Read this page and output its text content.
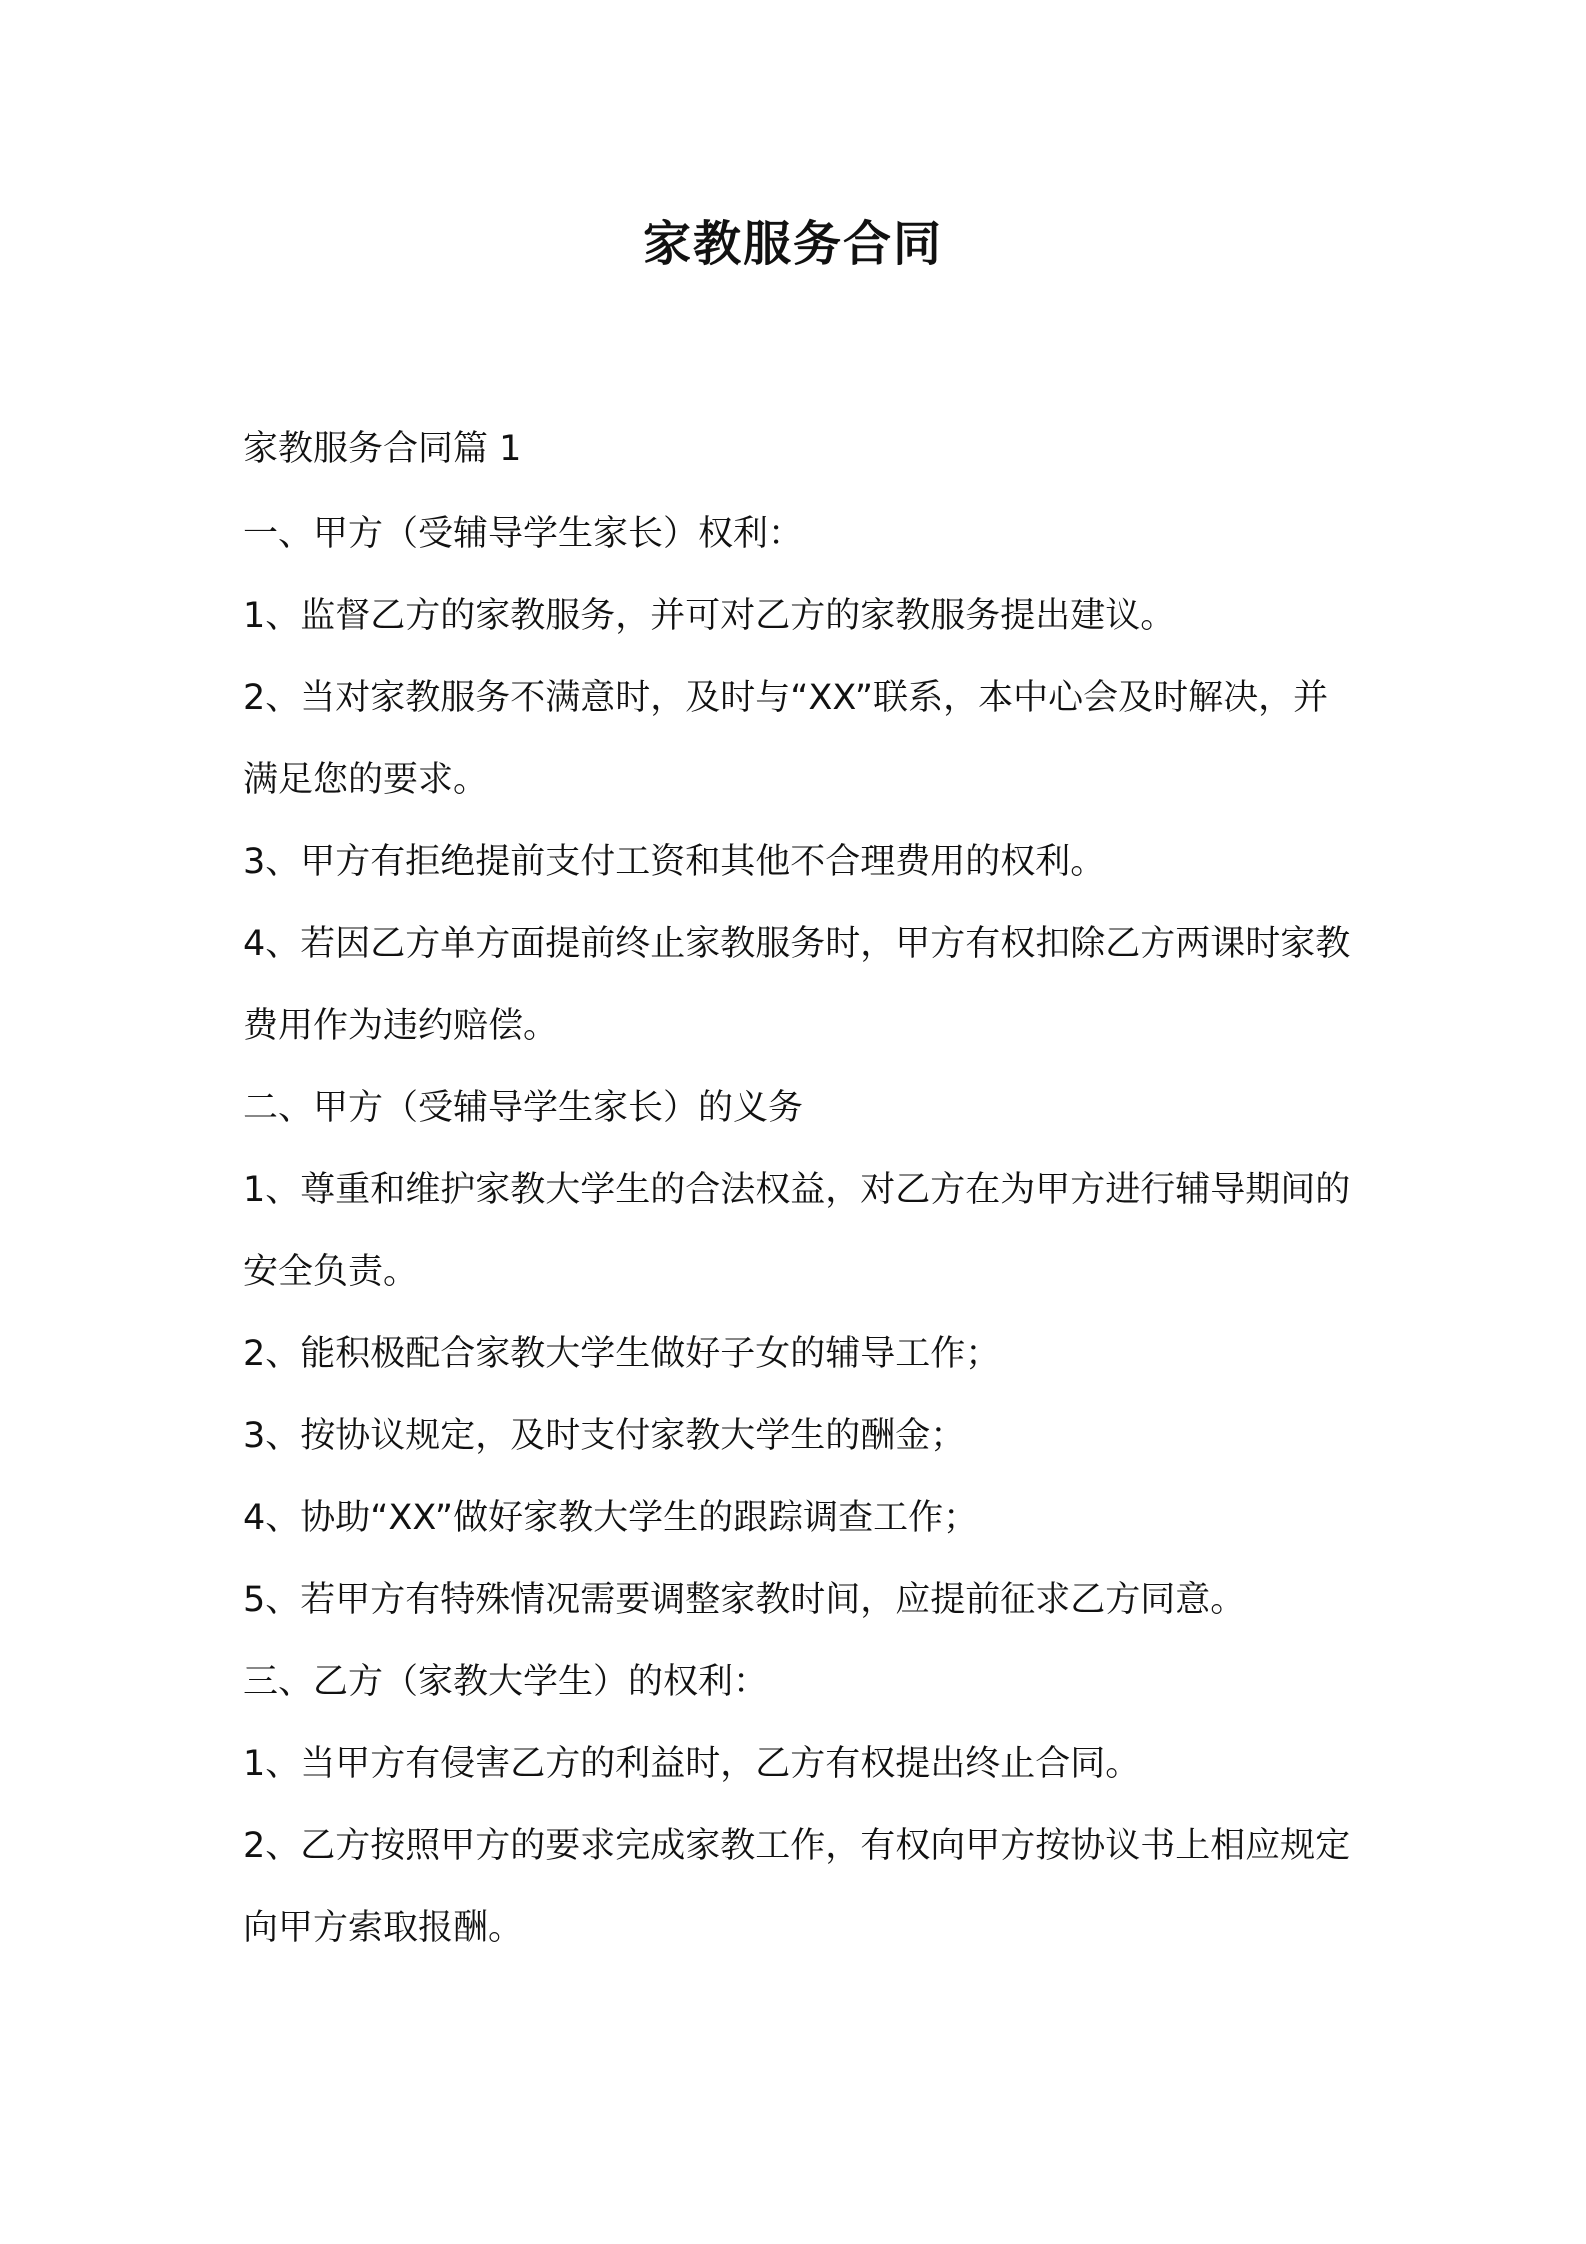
家教服务合同

家教服务合同篇 1

一、甲方（受辅导学生家长）权利：

1、监督乙方的家教服务，并可对乙方的家教服务提出建议。

2、当对家教服务不满意时，及时与“XX”联系，本中心会及时解决，并满足您的要求。

3、甲方有拒绝提前支付工资和其他不合理费用的权利。

4、若因乙方单方面提前终止家教服务时，甲方有权扣除乙方两课时家教费用作为违约赔偿。

二、甲方（受辅导学生家长）的义务

1、尊重和维护家教大学生的合法权益，对乙方在为甲方进行辅导期间的安全负责。

2、能积极配合家教大学生做好子女的辅导工作；

3、按协议规定，及时支付家教大学生的酬金；

4、协助“XX”做好家教大学生的跟踪调查工作；

5、若甲方有特殊情况需要调整家教时间，应提前征求乙方同意。

三、乙方（家教大学生）的权利：

1、当甲方有侵害乙方的利益时，乙方有权提出终止合同。

2、乙方按照甲方的要求完成家教工作，有权向甲方按协议书上相应规定向甲方索取报酬。
